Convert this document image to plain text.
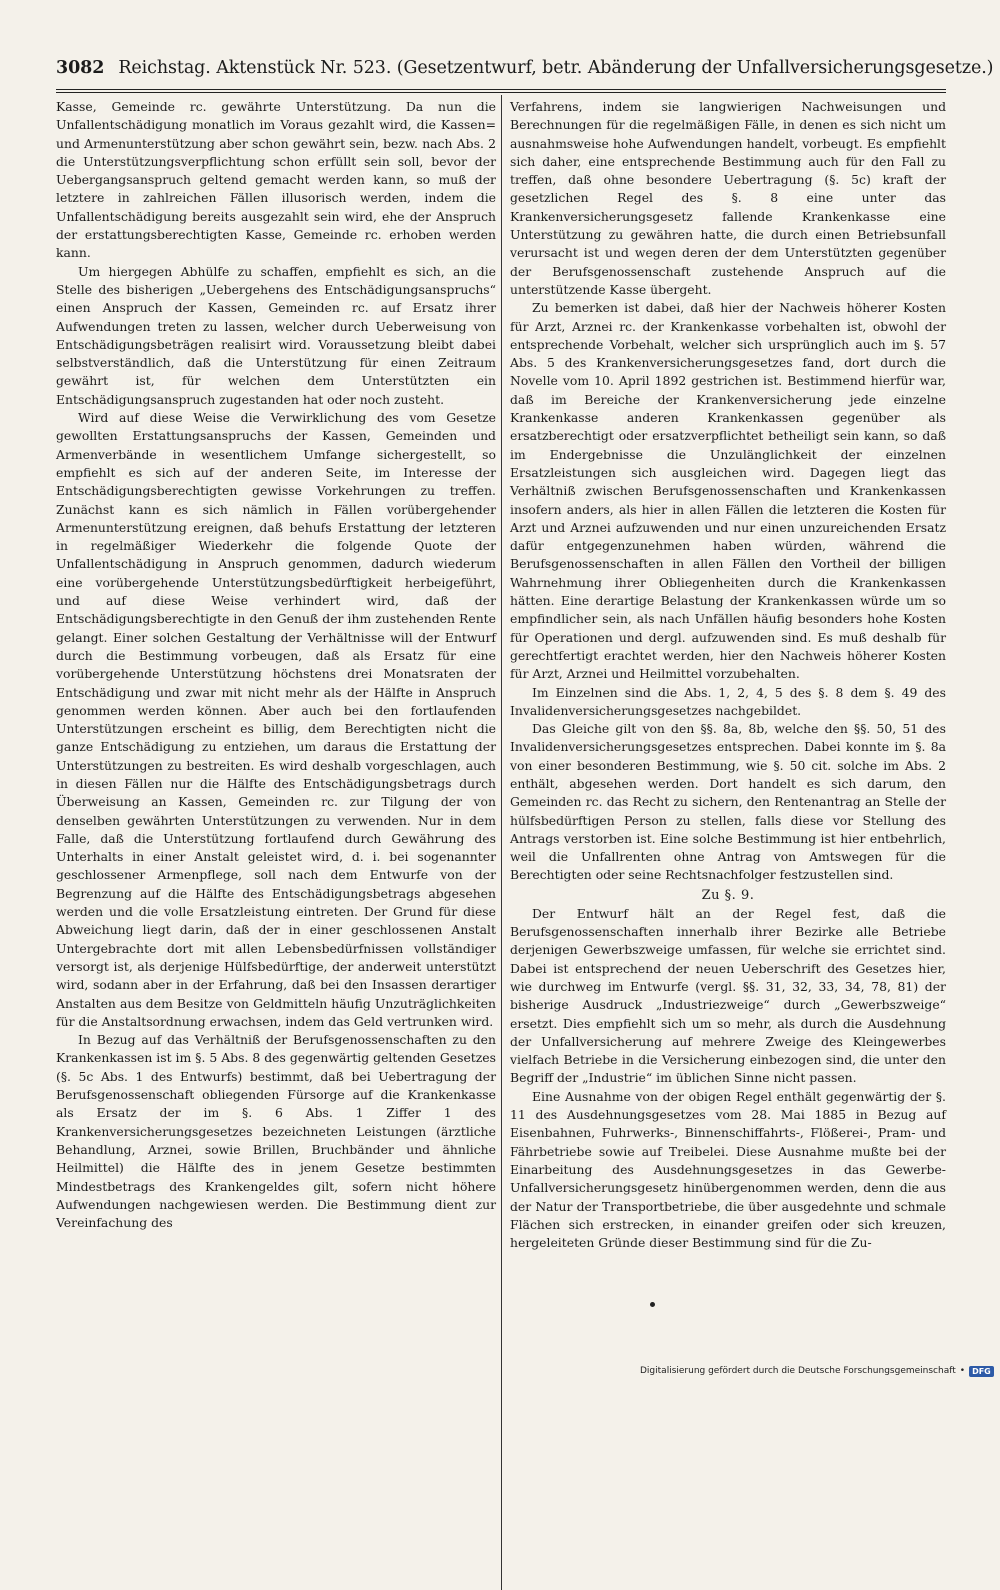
3082 Reichstag. Aktenstück Nr. 523. (Gesetzentwurf, betr. Abänderung der Unfallversicherungsgesetze.)

Kasse, Gemeinde rc. gewährte Unterstützung. Da nun die Unfallentschädigung monatlich im Voraus gezahlt wird, die Kassen= und Armenunterstützung aber schon gewährt sein, bezw. nach Abs. 2 die Unterstützungsverpflichtung schon erfüllt sein soll, bevor der Uebergangsanspruch geltend gemacht werden kann, so muß der letztere in zahlreichen Fällen illusorisch werden, indem die Unfallentschädigung bereits ausgezahlt sein wird, ehe der Anspruch der erstattungsberechtigten Kasse, Gemeinde rc. erhoben werden kann.

Um hiergegen Abhülfe zu schaffen, empfiehlt es sich, an die Stelle des bisherigen „Uebergehens des Entschädigungsanspruchs“ einen Anspruch der Kassen, Gemeinden rc. auf Ersatz ihrer Aufwendungen treten zu lassen, welcher durch Ueberweisung von Entschädigungsbeträgen realisirt wird. Voraussetzung bleibt dabei selbstverständlich, daß die Unterstützung für einen Zeitraum gewährt ist, für welchen dem Unterstützten ein Entschädigungsanspruch zugestanden hat oder noch zusteht.

Wird auf diese Weise die Verwirklichung des vom Gesetze gewollten Erstattungsanspruchs der Kassen, Gemeinden und Armenverbände in wesentlichem Umfange sichergestellt, so empfiehlt es sich auf der anderen Seite, im Interesse der Entschädigungsberechtigten gewisse Vorkehrungen zu treffen. Zunächst kann es sich nämlich in Fällen vorübergehender Armenunterstützung ereignen, daß behufs Erstattung der letzteren in regelmäßiger Wiederkehr die folgende Quote der Unfallentschädigung in Anspruch genommen, dadurch wiederum eine vorübergehende Unterstützungsbedürftigkeit herbeigeführt, und auf diese Weise verhindert wird, daß der Entschädigungsberechtigte in den Genuß der ihm zustehenden Rente gelangt. Einer solchen Gestaltung der Verhältnisse will der Entwurf durch die Bestimmung vorbeugen, daß als Ersatz für eine vorübergehende Unterstützung höchstens drei Monatsraten der Entschädigung und zwar mit nicht mehr als der Hälfte in Anspruch genommen werden können. Aber auch bei den fortlaufenden Unterstützungen erscheint es billig, dem Berechtigten nicht die ganze Entschädigung zu entziehen, um daraus die Erstattung der Unterstützungen zu bestreiten. Es wird deshalb vorgeschlagen, auch in diesen Fällen nur die Hälfte des Entschädigungsbetrags durch Überweisung an Kassen, Gemeinden rc. zur Tilgung der von denselben gewährten Unterstützungen zu verwenden. Nur in dem Falle, daß die Unterstützung fortlaufend durch Gewährung des Unterhalts in einer Anstalt geleistet wird, d. i. bei sogenannter geschlossener Armenpflege, soll nach dem Entwurfe von der Begrenzung auf die Hälfte des Entschädigungsbetrags abgesehen werden und die volle Ersatzleistung eintreten. Der Grund für diese Abweichung liegt darin, daß der in einer geschlossenen Anstalt Untergebrachte dort mit allen Lebensbedürfnissen vollständiger versorgt ist, als derjenige Hülfsbedürftige, der anderweit unterstützt wird, sodann aber in der Erfahrung, daß bei den Insassen derartiger Anstalten aus dem Besitze von Geldmitteln häufig Unzuträglichkeiten für die Anstaltsordnung erwachsen, indem das Geld vertrunken wird.

In Bezug auf das Verhältniß der Berufsgenossenschaften zu den Krankenkassen ist im §. 5 Abs. 8 des gegenwärtig geltenden Gesetzes (§. 5c Abs. 1 des Entwurfs) bestimmt, daß bei Uebertragung der Berufsgenossenschaft obliegenden Fürsorge auf die Krankenkasse als Ersatz der im §. 6 Abs. 1 Ziffer 1 des Krankenversicherungsgesetzes bezeichneten Leistungen (ärztliche Behandlung, Arznei, sowie Brillen, Bruchbänder und ähnliche Heilmittel) die Hälfte des in jenem Gesetze bestimmten Mindestbetrags des Krankengeldes gilt, sofern nicht höhere Aufwendungen nachgewiesen werden. Die Bestimmung dient zur Vereinfachung des

Verfahrens, indem sie langwierigen Nachweisungen und Berechnungen für die regelmäßigen Fälle, in denen es sich nicht um ausnahmsweise hohe Aufwendungen handelt, vorbeugt. Es empfiehlt sich daher, eine entsprechende Bestimmung auch für den Fall zu treffen, daß ohne besondere Uebertragung (§. 5c) kraft der gesetzlichen Regel des §. 8 eine unter das Krankenversicherungsgesetz fallende Krankenkasse eine Unterstützung zu gewähren hatte, die durch einen Betriebsunfall verursacht ist und wegen deren der dem Unterstützten gegenüber der Berufsgenossenschaft zustehende Anspruch auf die unterstützende Kasse übergeht.

Zu bemerken ist dabei, daß hier der Nachweis höherer Kosten für Arzt, Arznei rc. der Krankenkasse vorbehalten ist, obwohl der entsprechende Vorbehalt, welcher sich ursprünglich auch im §. 57 Abs. 5 des Krankenversicherungsgesetzes fand, dort durch die Novelle vom 10. April 1892 gestrichen ist. Bestimmend hierfür war, daß im Bereiche der Krankenversicherung jede einzelne Krankenkasse anderen Krankenkassen gegenüber als ersatzberechtigt oder ersatzverpflichtet betheiligt sein kann, so daß im Endergebnisse die Unzulänglichkeit der einzelnen Ersatzleistungen sich ausgleichen wird. Dagegen liegt das Verhältniß zwischen Berufsgenossenschaften und Krankenkassen insofern anders, als hier in allen Fällen die letzteren die Kosten für Arzt und Arznei aufzuwenden und nur einen unzureichenden Ersatz dafür entgegenzunehmen haben würden, während die Berufsgenossenschaften in allen Fällen den Vortheil der billigen Wahrnehmung ihrer Obliegenheiten durch die Krankenkassen hätten. Eine derartige Belastung der Krankenkassen würde um so empfindlicher sein, als nach Unfällen häufig besonders hohe Kosten für Operationen und dergl. aufzuwenden sind. Es muß deshalb für gerechtfertigt erachtet werden, hier den Nachweis höherer Kosten für Arzt, Arznei und Heilmittel vorzubehalten.

Im Einzelnen sind die Abs. 1, 2, 4, 5 des §. 8 dem §. 49 des Invalidenversicherungsgesetzes nachgebildet.

Das Gleiche gilt von den §§. 8a, 8b, welche den §§. 50, 51 des Invalidenversicherungsgesetzes entsprechen. Dabei konnte im §. 8a von einer besonderen Bestimmung, wie §. 50 cit. solche im Abs. 2 enthält, abgesehen werden. Dort handelt es sich darum, den Gemeinden rc. das Recht zu sichern, den Rentenantrag an Stelle der hülfsbedürftigen Person zu stellen, falls diese vor Stellung des Antrags verstorben ist. Eine solche Bestimmung ist hier entbehrlich, weil die Unfallrenten ohne Antrag von Amtswegen für die Berechtigten oder seine Rechtsnachfolger festzustellen sind.

Zu §. 9.

Der Entwurf hält an der Regel fest, daß die Berufsgenossenschaften innerhalb ihrer Bezirke alle Betriebe derjenigen Gewerbszweige umfassen, für welche sie errichtet sind. Dabei ist entsprechend der neuen Ueberschrift des Gesetzes hier, wie durchweg im Entwurfe (vergl. §§. 31, 32, 33, 34, 78, 81) der bisherige Ausdruck „Industriezweige“ durch „Gewerbszweige“ ersetzt. Dies empfiehlt sich um so mehr, als durch die Ausdehnung der Unfallversicherung auf mehrere Zweige des Kleingewerbes vielfach Betriebe in die Versicherung einbezogen sind, die unter den Begriff der „Industrie“ im üblichen Sinne nicht passen.

Eine Ausnahme von der obigen Regel enthält gegenwärtig der §. 11 des Ausdehnungsgesetzes vom 28. Mai 1885 in Bezug auf Eisenbahnen, Fuhrwerks-, Binnenschiffahrts-, Flößerei-, Pram- und Fährbetriebe sowie auf Treibelei. Diese Ausnahme mußte bei der Einarbeitung des Ausdehnungsgesetzes in das Gewerbe-Unfallversicherungsgesetz hinübergenommen werden, denn die aus der Natur der Transportbetriebe, die über ausgedehnte und schmale Flächen sich erstrecken, in einander greifen oder sich kreuzen, hergeleiteten Gründe dieser Bestimmung sind für die Zu-

Digitalisierung gefördert durch die Deutsche Forschungsgemeinschaft • DFG
